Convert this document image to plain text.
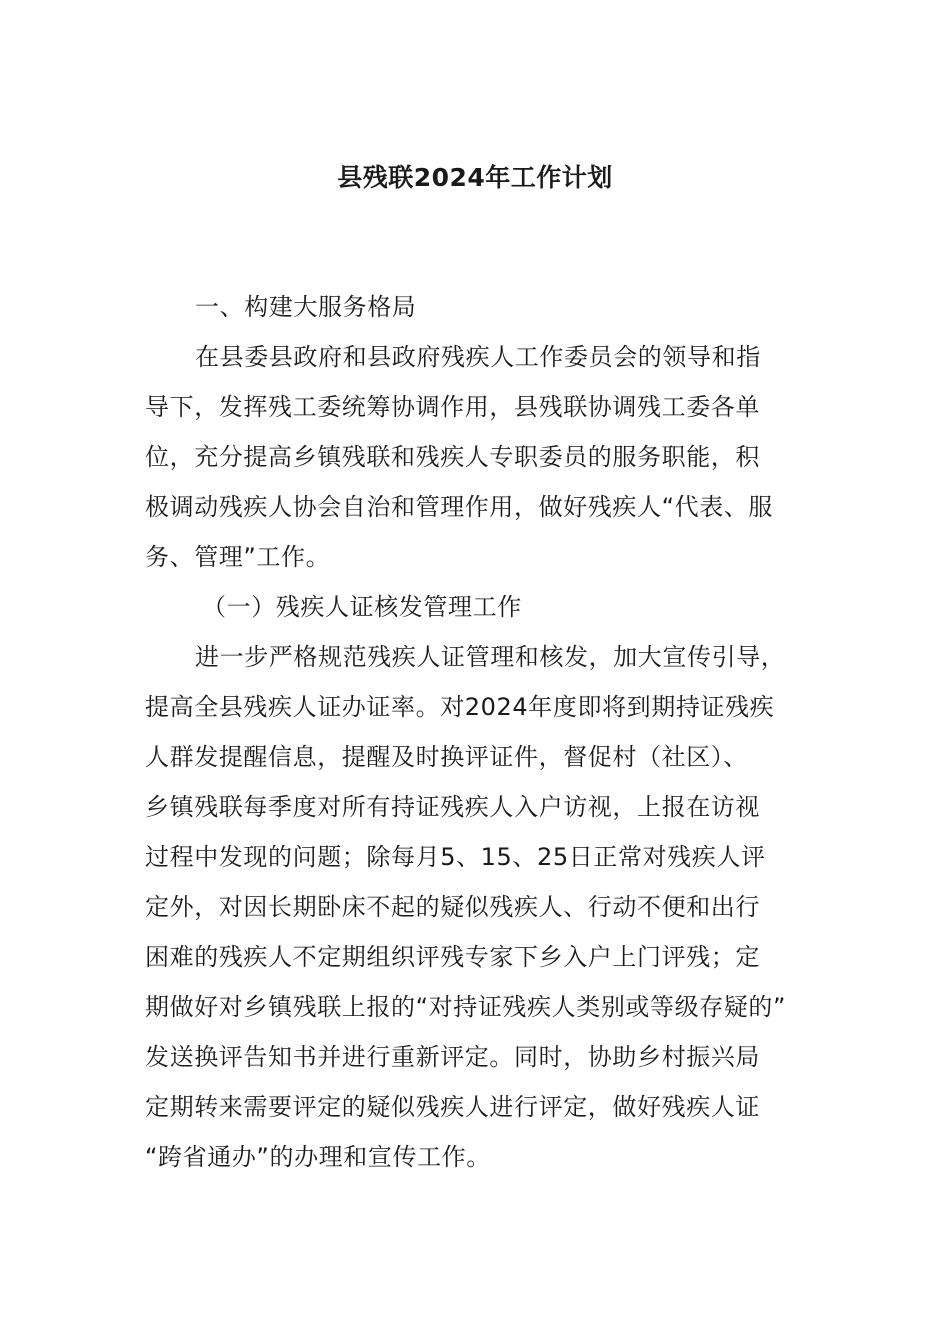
县残联2024年工作计划
一、构建大服务格局
在县委县政府和县政府残疾人工作委员会的领导和指
导下，发挥残工委统筹协调作用，县残联协调残工委各单
位，充分提高乡镇残联和残疾人专职委员的服务职能，积
极调动残疾人协会自治和管理作用，做好残疾人“代表、服
务、管理”工作。
（一）残疾人证核发管理工作
进一步严格规范残疾人证管理和核发，加大宣传引导，
提高全县残疾人证办证率。对2024年度即将到期持证残疾
人群发提醒信息，提醒及时换评证件，督促村（社区）、
乡镇残联每季度对所有持证残疾人入户访视，上报在访视
过程中发现的问题；除每月5、15、25日正常对残疾人评
定外，对因长期卧床不起的疑似残疾人、行动不便和出行
困难的残疾人不定期组织评残专家下乡入户上门评残；定
期做好对乡镇残联上报的“对持证残疾人类别或等级存疑的”
发送换评告知书并进行重新评定。同时，协助乡村振兴局
定期转来需要评定的疑似残疾人进行评定，做好残疾人证
“跨省通办”的办理和宣传工作。
